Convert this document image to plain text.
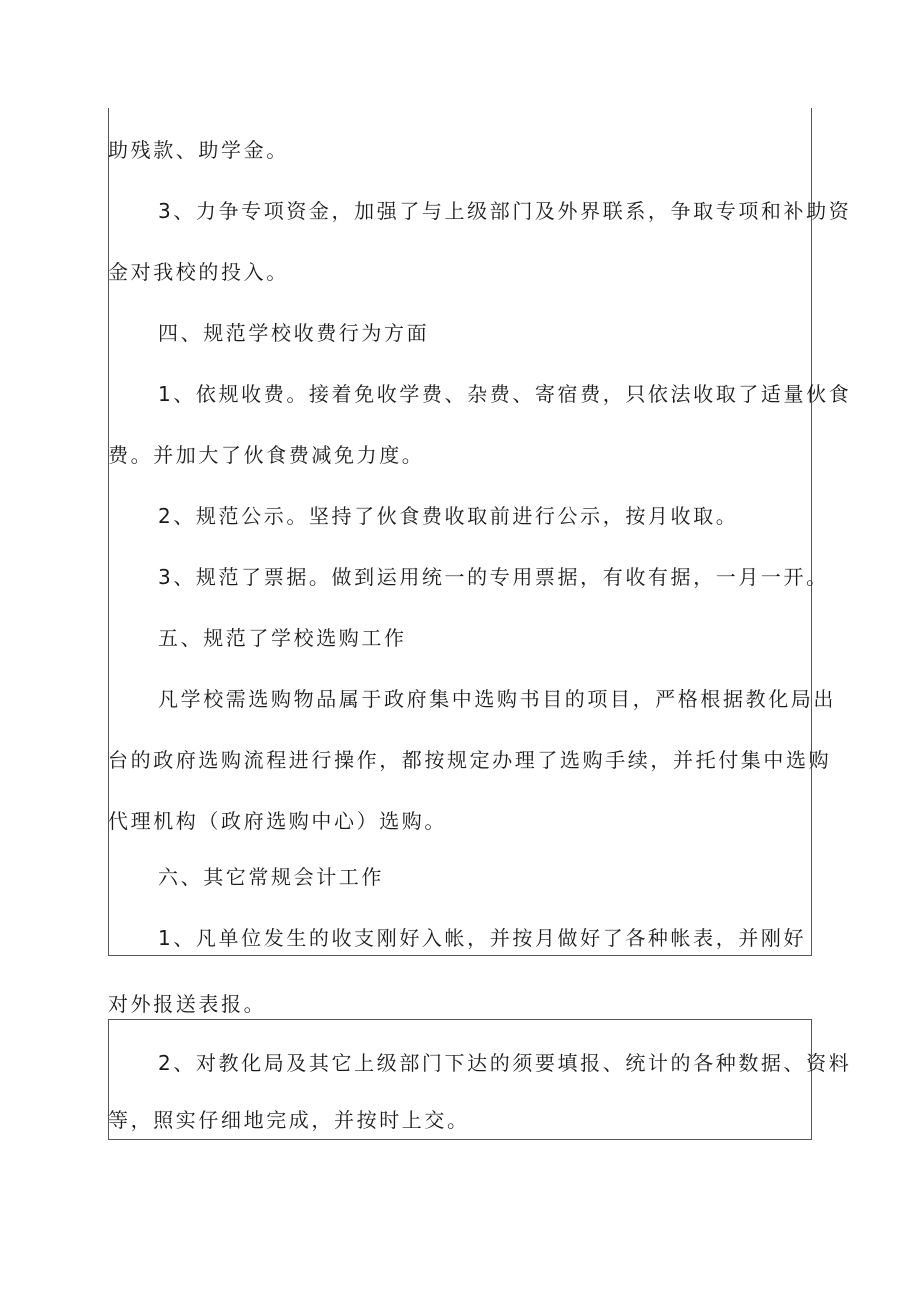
助残款、助学金。

3、力争专项资金，加强了与上级部门及外界联系，争取专项和补助资

金对我校的投入。

四、规范学校收费行为方面

1、依规收费。接着免收学费、杂费、寄宿费，只依法收取了适量伙食

费。并加大了伙食费减免力度。

2、规范公示。坚持了伙食费收取前进行公示，按月收取。

3、规范了票据。做到运用统一的专用票据，有收有据，一月一开。

五、规范了学校选购工作

凡学校需选购物品属于政府集中选购书目的项目，严格根据教化局出

台的政府选购流程进行操作，都按规定办理了选购手续，并托付集中选购

代理机构（政府选购中心）选购。

六、其它常规会计工作

1、凡单位发生的收支刚好入帐，并按月做好了各种帐表，并刚好

对外报送表报。

2、对教化局及其它上级部门下达的须要填报、统计的各种数据、资料

等，照实仔细地完成，并按时上交。
